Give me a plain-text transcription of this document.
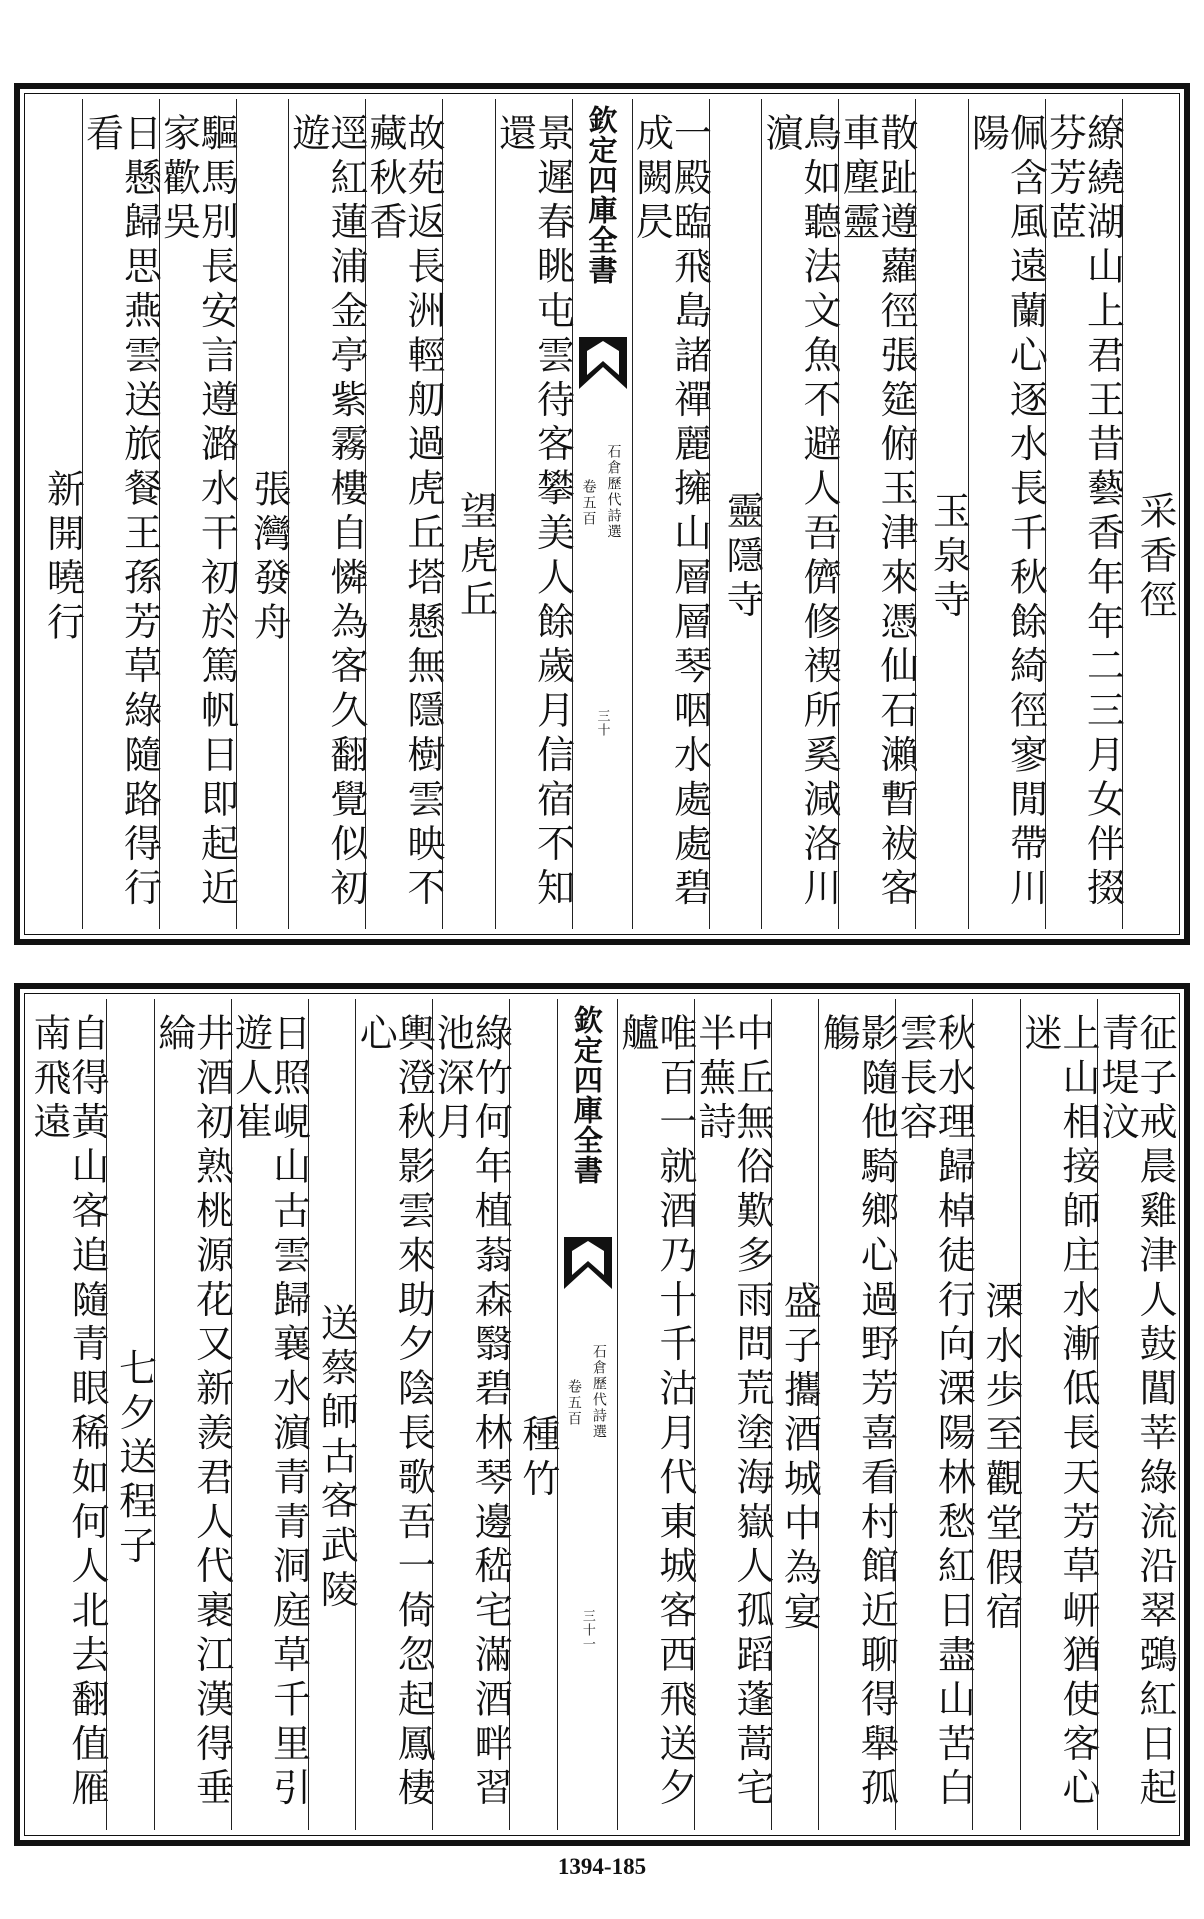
采香徑
繚繞湖山上君王昔藝香年年二三月女伴掇芬芳茝
佩含風遠蘭心逐水長千秋餘綺徑寥閒帶川陽
玉泉寺
散趾遵蘿徑張筵俯玉津來憑仙石瀨暫袚客車塵靈
鳥如聽法文魚不避人吾儕修禊所奚減洛川濵
靈隱寺
一殿臨飛島諸禪麗擁山層層琴咽水處處碧成闕昃
欽定四庫全書
石倉歷代詩選
卷五百
三十
景遲春眺屯雲待客攀美人餘歲月信宿不知還
望虎丘
故苑返長洲輕舠過虎丘塔懸無隱樹雲映不藏秋香
逕紅蓮浦金亭紫霧樓自憐為客久翻覺似初遊
張灣發舟
驅馬別長安言遵潞水干初於篤帆日即起近家歡吳
日懸歸思燕雲送旅餐王孫芳草綠隨路得行看
新開曉行
征子戒晨雞津人鼓閶莘綠流沿翠鵶紅日起青堤汶
上山相接師庄水漸低長天芳草岍猶使客心迷
溧水歩至觀堂假宿
秋水理歸棹徒行向溧陽林愁紅日盡山苦白雲長容
影隨他騎鄉心過野芳喜看村館近聊得舉孤觴
盛子攜酒城中為宴
中丘無俗歎多雨問荒塗海嶽人孤蹈蓬蒿宅半蕪詩
唯百一就酒乃十千沽月代東城客西飛送夕艫
欽定四庫全書
石倉歷代詩選
卷五百
三十一
種竹
綠竹何年植蓊森翳碧林琴邊嵇宅滿酒畔習池深月
輿澄秋影雲來助夕陰長歌吾一倚忽起鳳棲心
送蔡師古客武陵
日照峴山古雲歸襄水濵青青洞庭草千里引遊人崔
井酒初熟桃源花又新羨君人代裹江漢得垂綸
七夕送程子
自得黃山客追隨青眼稀如何人北去翻值雁南飛遠
1394-185
